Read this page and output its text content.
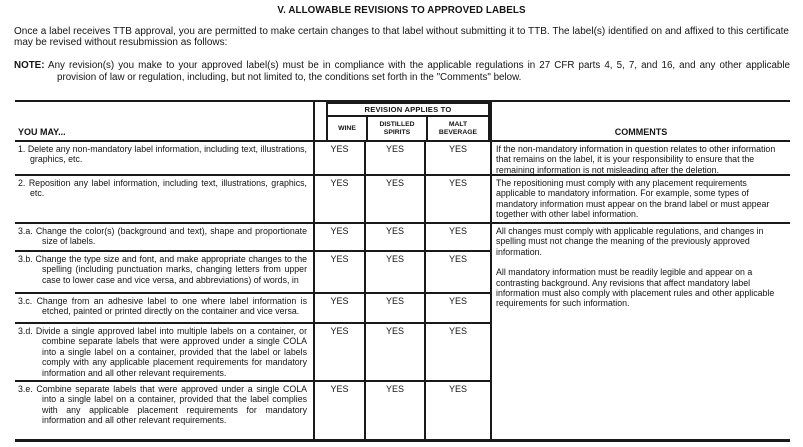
V. ALLOWABLE REVISIONS TO APPROVED LABELS

Once a label receives TTB approval, you are permitted to make certain changes to that label without submitting it to TTB. The label(s) identified on and affixed to this certificate may be revised without resubmission as follows:

NOTE: Any revision(s) you make to your approved label(s) must be in compliance with the applicable regulations in 27 CFR parts 4, 5, 7, and 16, and any other applicable provision of law or regulation, including, but not limited to, the conditions set forth in the "Comments" below.

YOU MAY...
REVISION APPLIES TO
WINE
DISTILLED SPIRITS
MALT BEVERAGE	COMMENTS
1. Delete any non-mandatory label information, including text, illustrations, graphics, etc.
YES	YES	YES	If the non-mandatory information in question relates to other information that remains on the label, it is your responsibility to ensure that the remaining information is not misleading after the deletion.
2. Reposition any label information, including text, illustrations, graphics, etc.
YES	YES	YES	The repositioning must comply with any placement requirements applicable to mandatory information. For example, some types of mandatory information must appear on the brand label or must appear together with other label information.
3.a. Change the color(s) (background and text), shape and proportionate size of labels.
YES	YES	YES
3.b. Change the type size and font, and make appropriate changes to the spelling (including punctuation marks, changing letters from upper case to lower case and vice versa, and abbreviations) of words, in
YES	YES	YES
3.c. Change from an adhesive label to one where label information is etched, painted or printed directly on the container and vice versa.
YES	YES	YES
3.d. Divide a single approved label into multiple labels on a container, or combine separate labels that were approved under a single COLA into a single label on a container, provided that the label or labels comply with any applicable placement requirements for mandatory information and all other relevant requirements.
YES	YES	YES
3.e. Combine separate labels that were approved under a single COLA into a single label on a container, provided that the label complies with any applicable placement requirements for mandatory information and all other relevant requirements.
YES	YES	YES

All changes must comply with applicable regulations, and changes in spelling must not change the meaning of the previously approved information.

All mandatory information must be readily legible and appear on a contrasting background. Any revisions that affect mandatory label information must also comply with placement rules and other applicable requirements for such information.
